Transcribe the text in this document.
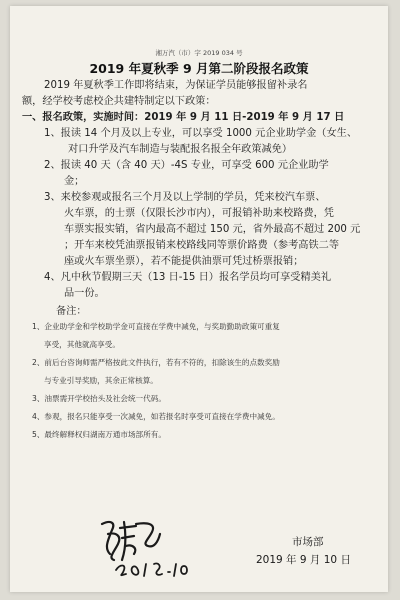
湘万汽（市）字 2019 034 号
2019 年夏秋季 9 月第二阶段报名政策
2019 年夏秋季工作即将结束，为保证学员能够报留补录名
额，经学校考虑校企共建特制定以下政策：
一、报名政策，实施时间：2019 年 9 月 11 日-2019 年 9 月 17 日
1、报读 14 个月及以上专业，可以享受 1000 元企业助学金（女生、
对口升学及汽车制造与装配报名报全年政策减免）
2、报读 40 天（含 40 天）-4S 专业，可享受 600 元企业助学
金；
3、来校参观或报名三个月及以上学制的学员，凭来校汽车票、
火车票，的士票（仅限长沙市内），可报销补助来校路费，凭
车票实报实销，省内最高不超过 150 元，省外最高不超过 200 元
；开车来校凭油票报销来校路线同等票价路费（参考高铁二等
座或火车票坐票），若不能提供油票可凭过桥票报销；
4、凡中秋节假期三天（13 日-15 日）报名学员均可享受精美礼
品一份。
备注：
1、企业助学金和学校助学金可直接在学费中减免，与奖助勤助政策可重复
享受，其他就高享受。
2、前后台咨询师需严格按此文件执行，若有不符的，扣除该生的点数奖励
与专业引导奖励，其余正常核算。
3、油票需开学校抬头及社会统一代码。
4、参观，报名只能享受一次减免，如若报名时享受可直接在学费中减免。
5、最终解释权归湖南万通市场部所有。
市场部
2019 年 9 月 10 日
